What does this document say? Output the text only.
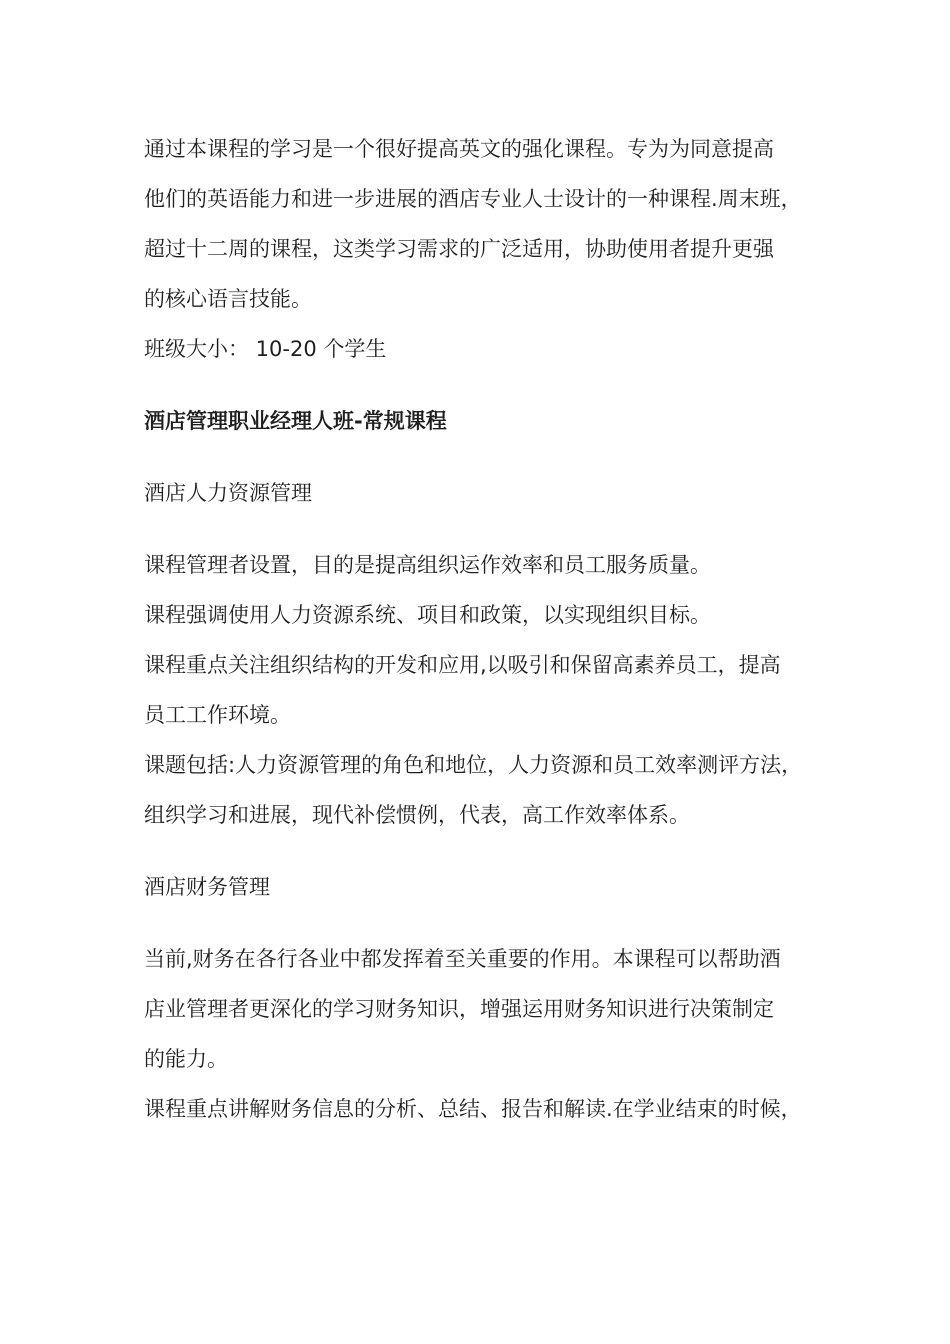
通过本课程的学习是一个很好提高英文的强化课程。专为为同意提高
他们的英语能力和进一步进展的酒店专业人士设计的一种课程.周末班，
超过十二周的课程，这类学习需求的广泛适用，协助使用者提升更强
的核心语言技能。
班级大小： 10-20 个学生
酒店管理职业经理人班-常规课程
酒店人力资源管理
课程管理者设置，目的是提高组织运作效率和员工服务质量。
课程强调使用人力资源系统、项目和政策，以实现组织目标。
课程重点关注组织结构的开发和应用,以吸引和保留高素养员工，提高
员工工作环境。
课题包括:人力资源管理的角色和地位，人力资源和员工效率测评方法，
组织学习和进展，现代补偿惯例，代表，高工作效率体系。
酒店财务管理
当前,财务在各行各业中都发挥着至关重要的作用。本课程可以帮助酒
店业管理者更深化的学习财务知识，增强运用财务知识进行决策制定
的能力。
课程重点讲解财务信息的分析、总结、报告和解读.在学业结束的时候，
